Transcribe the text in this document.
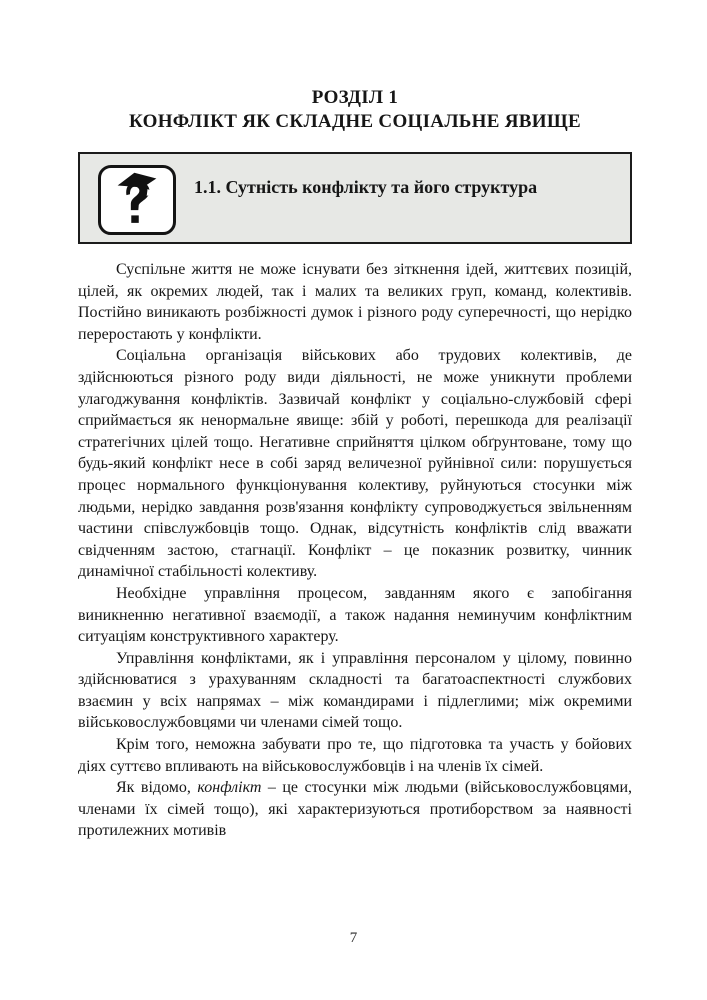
РОЗДІЛ 1
КОНФЛІКТ ЯК СКЛАДНЕ СОЦІАЛЬНЕ ЯВИЩЕ
1.1. Сутність конфлікту та його структура

Суспільне життя не може існувати без зіткнення ідей, життєвих позицій, цілей, як окремих людей, так і малих та великих груп, команд, колективів. Постійно виникають розбіжності думок і різного роду суперечності, що нерідко переростають у конфлікти.

Соціальна організація військових або трудових колективів, де здійснюються різного роду види діяльності, не може уникнути проблеми улагоджування конфліктів. Зазвичай конфлікт у соціально-службовій сфері сприймається як ненормальне явище: збій у роботі, перешкода для реалізації стратегічних цілей тощо. Негативне сприйняття цілком обґрунтоване, тому що будь-який конфлікт несе в собі заряд величезної руйнівної сили: порушується процес нормального функціонування колективу, руйнуються стосунки між людьми, нерідко завдання розв'язання конфлікту супроводжується звільненням частини співслужбовців тощо. Однак, відсутність конфліктів слід вважати свідченням застою, стагнації. Конфлікт – це показник розвитку, чинник динамічної стабільності колективу.

Необхідне управління процесом, завданням якого є запобігання виникненню негативної взаємодії, а також надання неминучим конфліктним ситуаціям конструктивного характеру.

Управління конфліктами, як і управління персоналом у цілому, повинно здійснюватися з урахуванням складності та багатоаспектності службових взаємин у всіх напрямах – між командирами і підлеглими; між окремими військовослужбовцями чи членами сімей тощо.

Крім того, неможна забувати про те, що підготовка та участь у бойових діях суттєво впливають на військовослужбовців і на членів їх сімей.

Як відомо, конфлікт – це стосунки між людьми (військовослужбовцями, членами їх сімей тощо), які характеризуються протиборством за наявності протилежних мотивів

7
